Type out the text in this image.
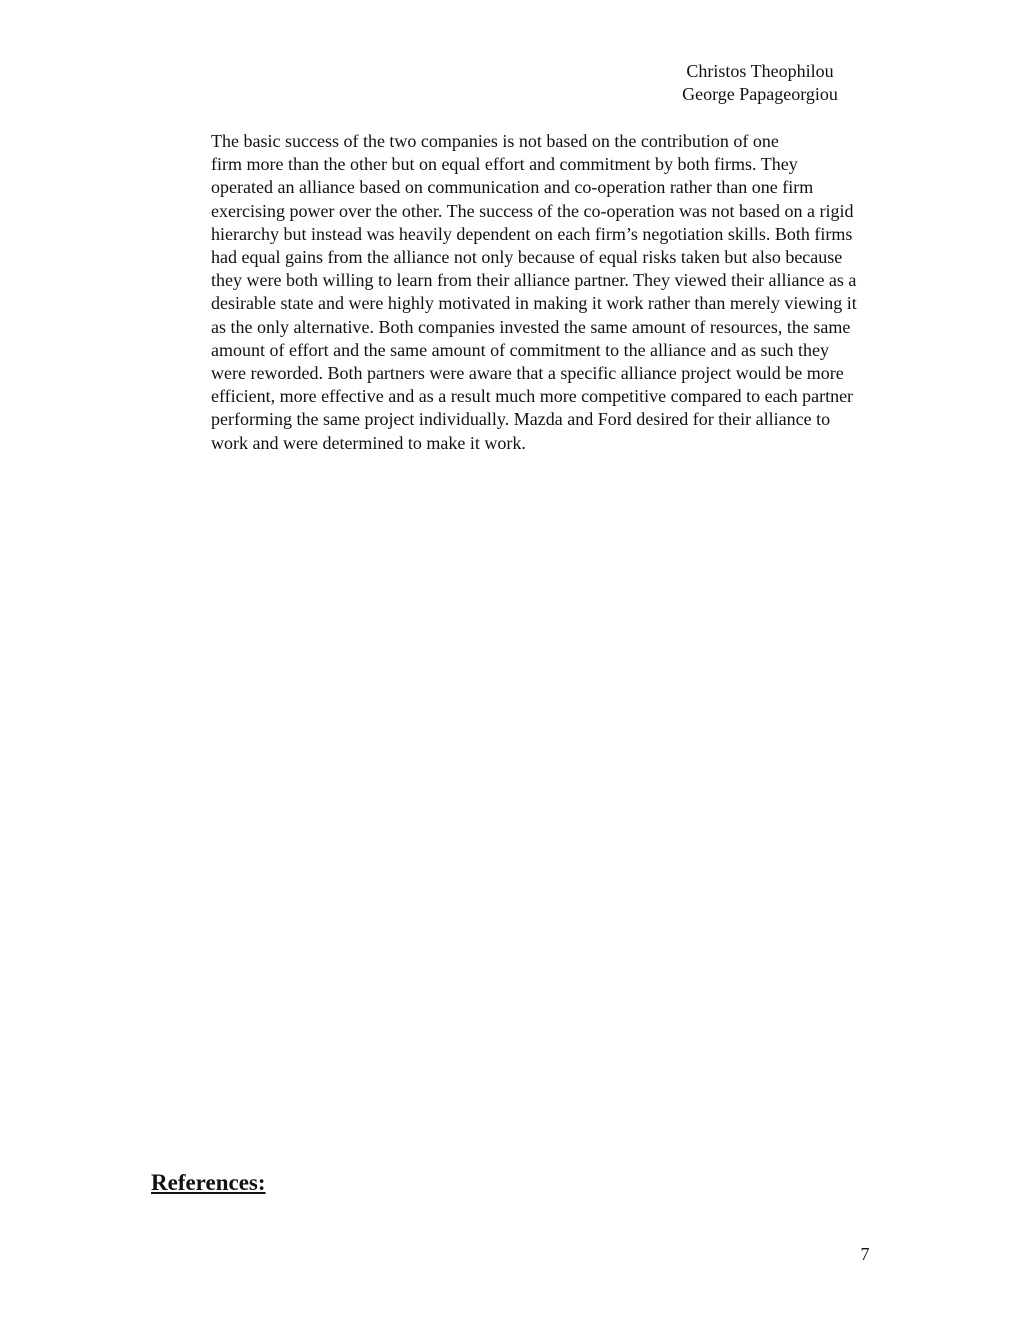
Christos Theophilou
George Papageorgiou

The basic success of the two companies is not based on the contribution of one
firm more than the other but on equal effort and commitment by both firms. They
operated an alliance based on communication and co-operation rather than one firm
exercising power over the other. The success of the co-operation was not based on a rigid
hierarchy but instead was heavily dependent on each firm’s negotiation skills. Both firms
had equal gains from the alliance not only because of equal risks taken but also because
they were both willing to learn from their alliance partner. They viewed their alliance as a
desirable state and were highly motivated in making it work rather than merely viewing it
as the only alternative. Both companies invested the same amount of resources, the same
amount of effort and the same amount of commitment to the alliance and as such they
were reworded. Both partners were aware that a specific alliance project would be more
efficient, more effective and as a result much more competitive compared to each partner
performing the same project individually. Mazda and Ford desired for their alliance to
work and were determined to make it work.

References:
7
